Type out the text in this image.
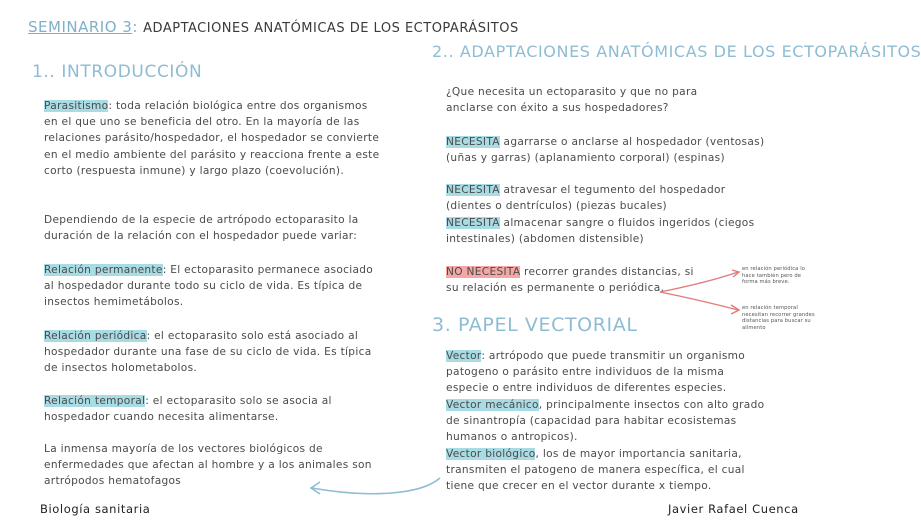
SEMINARIO 3: ADAPTACIONES ANATÓMICAS DE LOS ECTOPARÁSITOS
1.. INTRODUCCIÓN
Parasitismo: toda relación biológica entre dos organismos en el que uno se beneficia del otro. En la mayoría de las relaciones parásito/hospedador, el hospedador se convierte en el medio ambiente del parásito y reacciona frente a este corto (respuesta inmune) y largo plazo (coevolución).
Dependiendo de la especie de artrópodo ectoparasito la duración de la relación con el hospedador puede variar:
Relación permanente: El ectoparasito permanece asociado al hospedador durante todo su ciclo de vida. Es típica de insectos hemimetábolos.
Relación periódica: el ectoparasito solo está asociado al hospedador durante una fase de su ciclo de vida. Es típica de insectos holometabolos.
Relación temporal: el ectoparasito solo se asocia al hospedador cuando necesita alimentarse.
La inmensa mayoría de los vectores biológicos de enfermedades que afectan al hombre y a los animales son artrópodos hematofagos
2.. ADAPTACIONES ANATÓMICAS DE LOS ECTOPARÁSITOS
¿Que necesita un ectoparasito y que no para anclarse con éxito a sus hospedadores?
NECESITA agarrarse o anclarse al hospedador (ventosas) (uñas y garras) (aplanamiento corporal) (espinas)
NECESITA atravesar el tegumento del hospedador (dientes o dentrículos) (piezas bucales)
NECESITA almacenar sangre o fluidos ingeridos (ciegos intestinales) (abdomen distensible)
NO NECESITA recorrer grandes distancias, si su relación es permanente o periódica.
en relación periódica lo hace también pero de forma más breve.
en relación temporal necesitan recorrer grandes distancias para buscar su alimento
3. PAPEL VECTORIAL
Vector: artrópodo que puede transmitir un organismo patogeno o parásito entre individuos de la misma especie o entre individuos de diferentes especies.
Vector mecánico, principalmente insectos con alto grado de sinantropía (capacidad para habitar ecosistemas humanos o antropicos).
Vector biológico, los de mayor importancia sanitaria, transmiten el patogeno de manera específica, el cual tiene que crecer en el vector durante x tiempo.
Biología sanitaria	Javier Rafael Cuenca
